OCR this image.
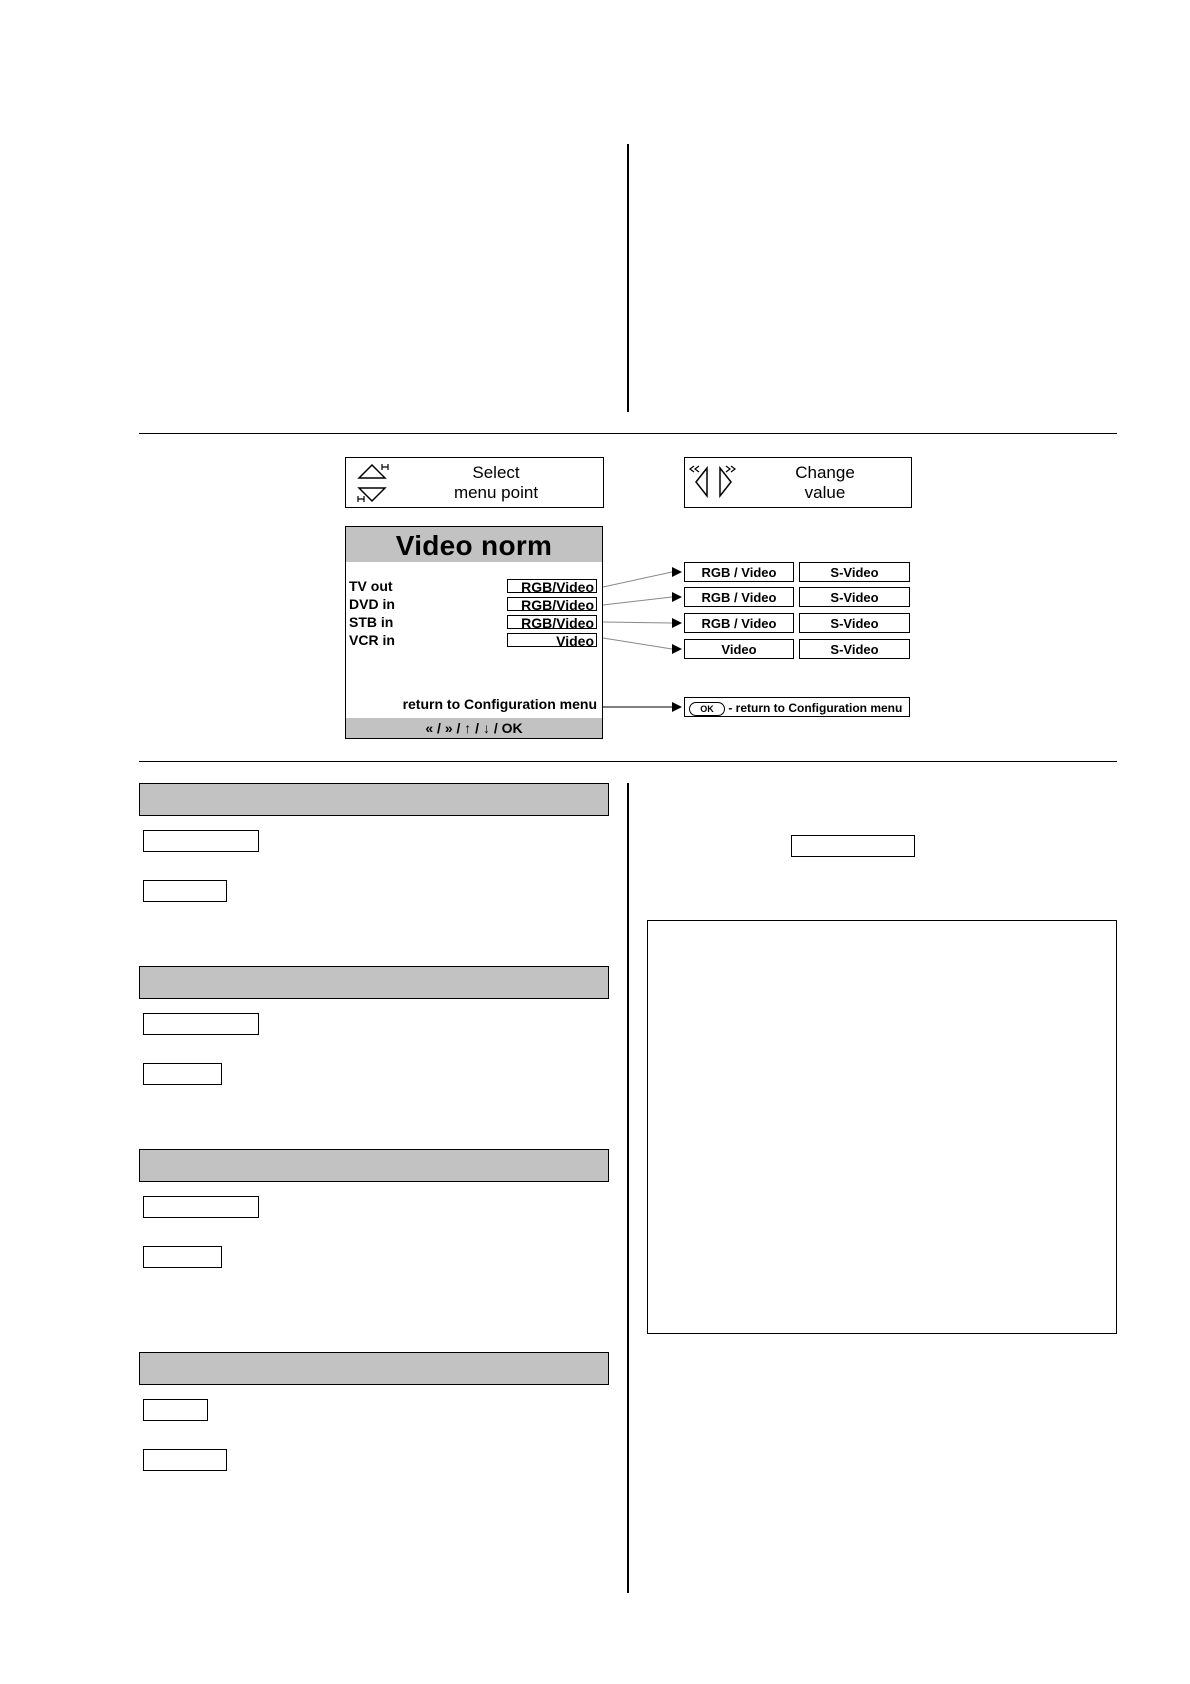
Select
menu point
Change
value
Video norm
TV out	RGB/Video
DVD in	RGB/Video
STB in	RGB/Video
VCR in	Video
return to Configuration menu
« / » / ↑ / ↓ / OK
RGB / Video	S-Video
RGB / Video	S-Video
RGB / Video	S-Video
Video	S-Video
OK - return to Configuration menu
